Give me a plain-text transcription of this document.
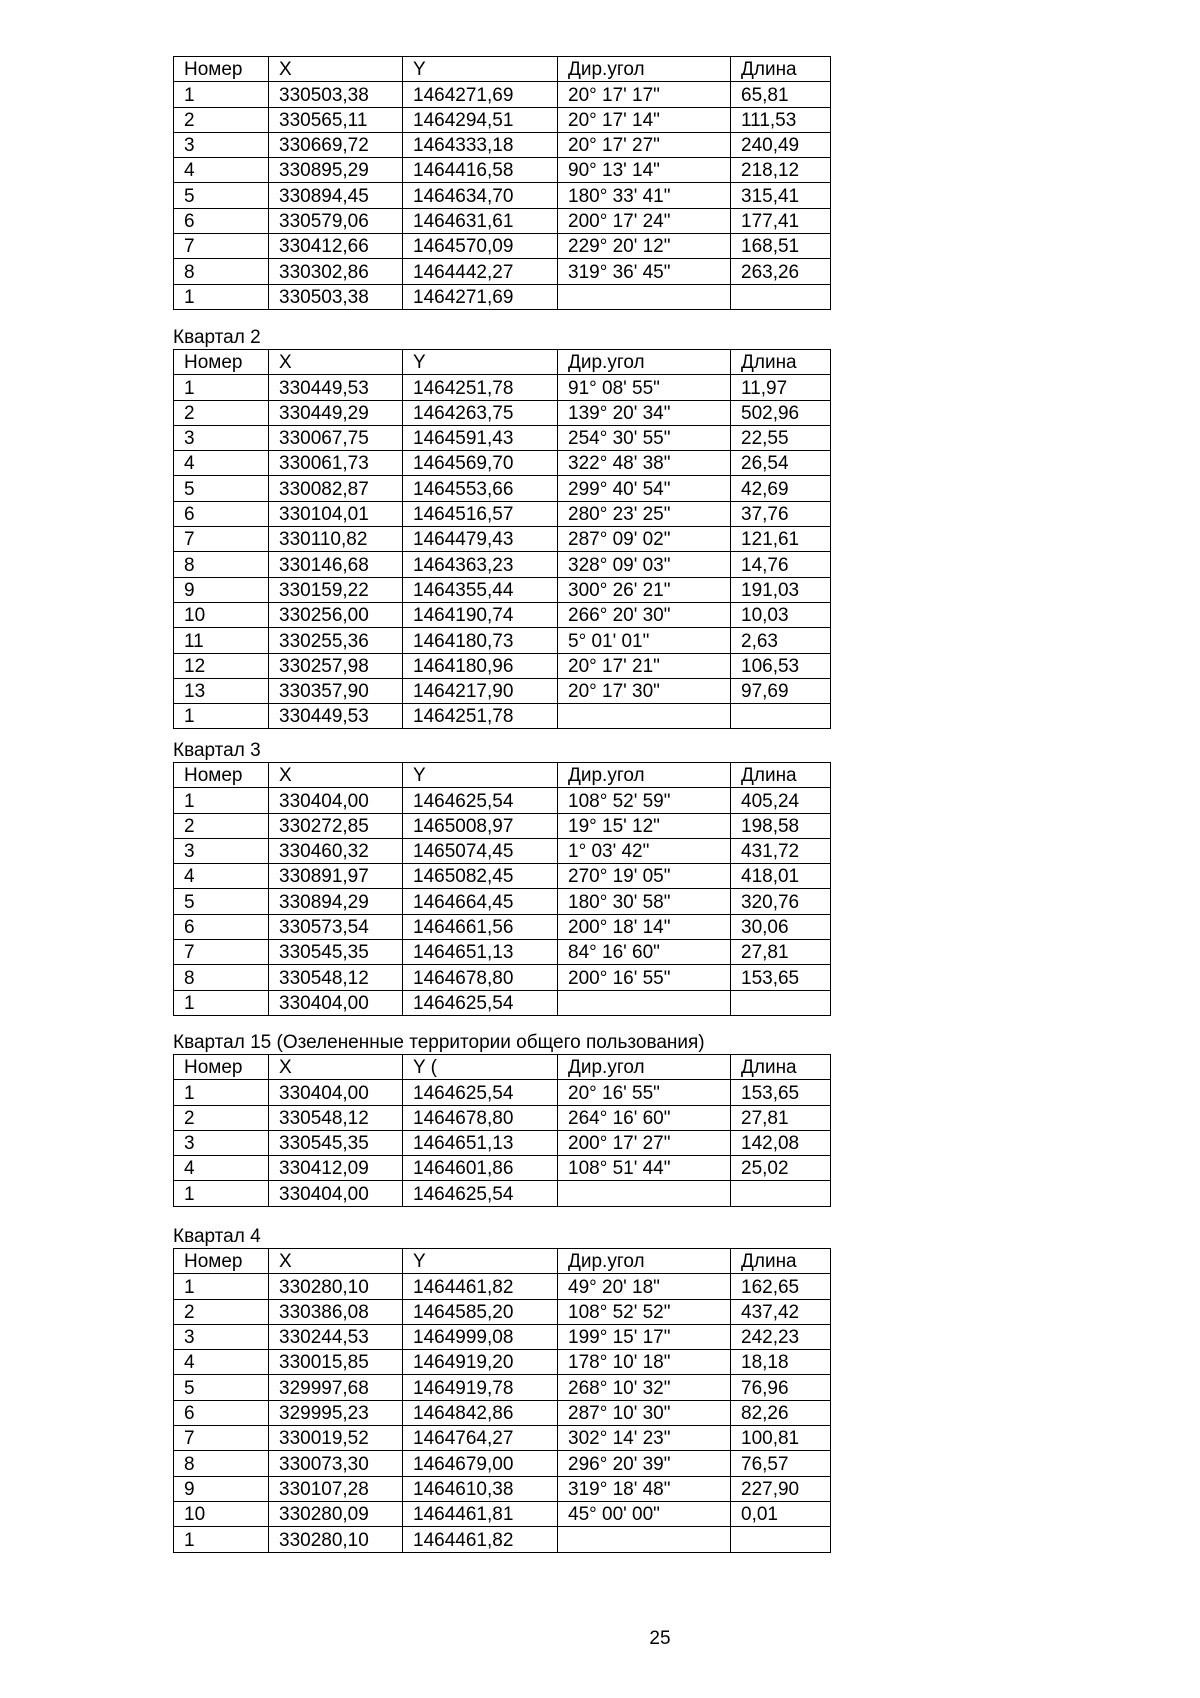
Номер	X	Y	Дир.угол	Длина
1	330503,38	1464271,69	20° 17' 17"	65,81
2	330565,11	1464294,51	20° 17' 14"	111,53
3	330669,72	1464333,18	20° 17' 27"	240,49
4	330895,29	1464416,58	90° 13' 14"	218,12
5	330894,45	1464634,70	180° 33' 41"	315,41
6	330579,06	1464631,61	200° 17' 24"	177,41
7	330412,66	1464570,09	229° 20' 12"	168,51
8	330302,86	1464442,27	319° 36' 45"	263,26
1	330503,38	1464271,69		
Квартал 2
Номер	X	Y	Дир.угол	Длина
1	330449,53	1464251,78	91° 08' 55"	11,97
2	330449,29	1464263,75	139° 20' 34"	502,96
3	330067,75	1464591,43	254° 30' 55"	22,55
4	330061,73	1464569,70	322° 48' 38"	26,54
5	330082,87	1464553,66	299° 40' 54"	42,69
6	330104,01	1464516,57	280° 23' 25"	37,76
7	330110,82	1464479,43	287° 09' 02"	121,61
8	330146,68	1464363,23	328° 09' 03"	14,76
9	330159,22	1464355,44	300° 26' 21"	191,03
10	330256,00	1464190,74	266° 20' 30"	10,03
11	330255,36	1464180,73	5° 01' 01"	2,63
12	330257,98	1464180,96	20° 17' 21"	106,53
13	330357,90	1464217,90	20° 17' 30"	97,69
1	330449,53	1464251,78		
Квартал 3
Номер	X	Y	Дир.угол	Длина
1	330404,00	1464625,54	108° 52' 59"	405,24
2	330272,85	1465008,97	19° 15' 12"	198,58
3	330460,32	1465074,45	1° 03' 42"	431,72
4	330891,97	1465082,45	270° 19' 05"	418,01
5	330894,29	1464664,45	180° 30' 58"	320,76
6	330573,54	1464661,56	200° 18' 14"	30,06
7	330545,35	1464651,13	84° 16' 60"	27,81
8	330548,12	1464678,80	200° 16' 55"	153,65
1	330404,00	1464625,54		
Квартал 15 (Озелененные территории общего пользования)
Номер	X	Y (	Дир.угол	Длина
1	330404,00	1464625,54	20° 16' 55"	153,65
2	330548,12	1464678,80	264° 16' 60"	27,81
3	330545,35	1464651,13	200° 17' 27"	142,08
4	330412,09	1464601,86	108° 51' 44"	25,02
1	330404,00	1464625,54		
Квартал 4
Номер	X	Y	Дир.угол	Длина
1	330280,10	1464461,82	49° 20' 18"	162,65
2	330386,08	1464585,20	108° 52' 52"	437,42
3	330244,53	1464999,08	199° 15' 17"	242,23
4	330015,85	1464919,20	178° 10' 18"	18,18
5	329997,68	1464919,78	268° 10' 32"	76,96
6	329995,23	1464842,86	287° 10' 30"	82,26
7	330019,52	1464764,27	302° 14' 23"	100,81
8	330073,30	1464679,00	296° 20' 39"	76,57
9	330107,28	1464610,38	319° 18' 48"	227,90
10	330280,09	1464461,81	45° 00' 00"	0,01
1	330280,10	1464461,82		
25
